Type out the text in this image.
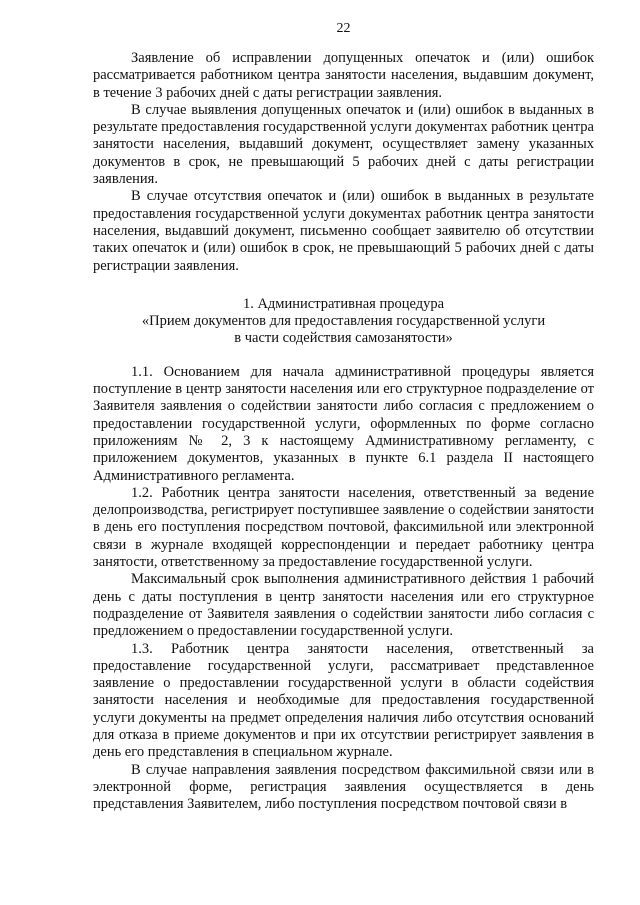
22

Заявление об исправлении допущенных опечаток и (или) ошибок рассматривается работником центра занятости населения, выдавшим документ, в течение 3 рабочих дней с даты регистрации заявления.

В случае выявления допущенных опечаток и (или) ошибок в выданных в результате предоставления государственной услуги документах работник центра занятости населения, выдавший документ, осуществляет замену указанных документов в срок, не превышающий 5 рабочих дней с даты регистрации заявления.

В случае отсутствия опечаток и (или) ошибок в выданных в результате предоставления государственной услуги документах работник центра занятости населения, выдавший документ, письменно сообщает заявителю об отсутствии таких опечаток и (или) ошибок в срок, не превышающий 5 рабочих дней с даты регистрации заявления.

1. Административная процедура
«Прием документов для предоставления государственной услуги
в части содействия самозанятости»

1.1. Основанием для начала административной процедуры является поступление в центр занятости населения или его структурное подразделение от Заявителя заявления о содействии занятости либо согласия с предложением о предоставлении государственной услуги, оформленных по форме согласно приложениям № 2, 3 к настоящему Административному регламенту, с приложением документов, указанных в пункте 6.1 раздела II настоящего Административного регламента.

1.2. Работник центра занятости населения, ответственный за ведение делопроизводства, регистрирует поступившее заявление о содействии занятости в день его поступления посредством почтовой, факсимильной или электронной связи в журнале входящей корреспонденции и передает работнику центра занятости, ответственному за предоставление государственной услуги.

Максимальный срок выполнения административного действия 1 рабочий день с даты поступления в центр занятости населения или его структурное подразделение от Заявителя заявления о содействии занятости либо согласия с предложением о предоставлении государственной услуги.

1.3. Работник центра занятости населения, ответственный за предоставление государственной услуги, рассматривает представленное заявление о предоставлении государственной услуги в области содействия занятости населения и необходимые для предоставления государственной услуги документы на предмет определения наличия либо отсутствия оснований для отказа в приеме документов и при их отсутствии регистрирует заявления в день его представления в специальном журнале.

В случае направления заявления посредством факсимильной связи или в электронной форме, регистрация заявления осуществляется в день представления Заявителем, либо поступления посредством почтовой связи в
